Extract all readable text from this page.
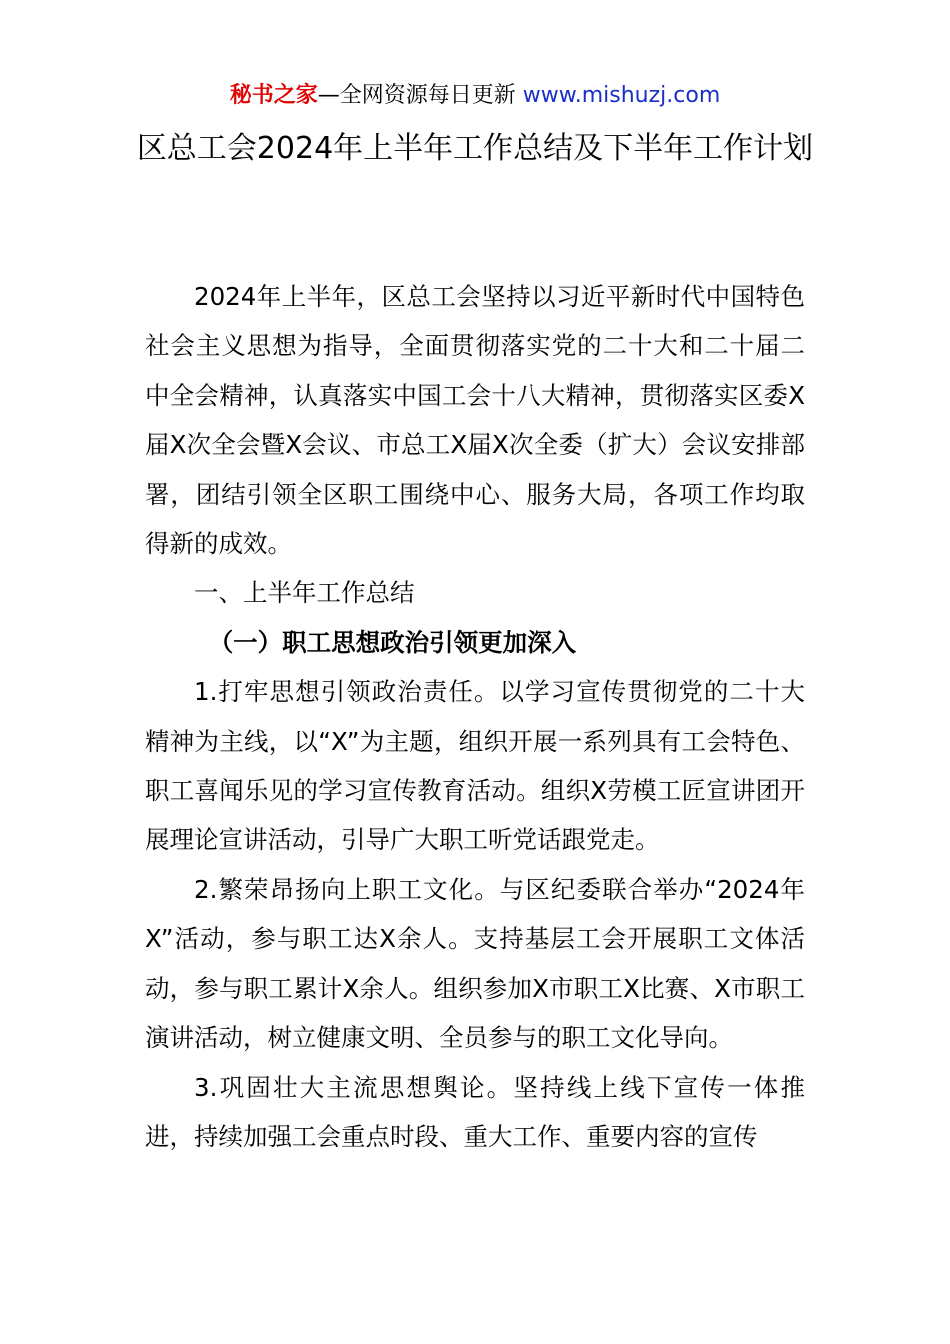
秘书之家—全网资源每日更新 www.mishuzj.com
区总工会2024年上半年工作总结及下半年工作计划

2024年上半年，区总工会坚持以习近平新时代中国特色社会主义思想为指导，全面贯彻落实党的二十大和二十届二中全会精神，认真落实中国工会十八大精神，贯彻落实区委X届X次全会暨X会议、市总工X届X次全委（扩大）会议安排部署，团结引领全区职工围绕中心、服务大局，各项工作均取得新的成效。

一、上半年工作总结

（一）职工思想政治引领更加深入

1.打牢思想引领政治责任。以学习宣传贯彻党的二十大精神为主线，以“X”为主题，组织开展一系列具有工会特色、职工喜闻乐见的学习宣传教育活动。组织X劳模工匠宣讲团开展理论宣讲活动，引导广大职工听党话跟党走。

2.繁荣昂扬向上职工文化。与区纪委联合举办“2024年X”活动，参与职工达X余人。支持基层工会开展职工文体活动，参与职工累计X余人。组织参加X市职工X比赛、X市职工演讲活动，树立健康文明、全员参与的职工文化导向。

3.巩固壮大主流思想舆论。坚持线上线下宣传一体推进，持续加强工会重点时段、重大工作、重要内容的宣传
